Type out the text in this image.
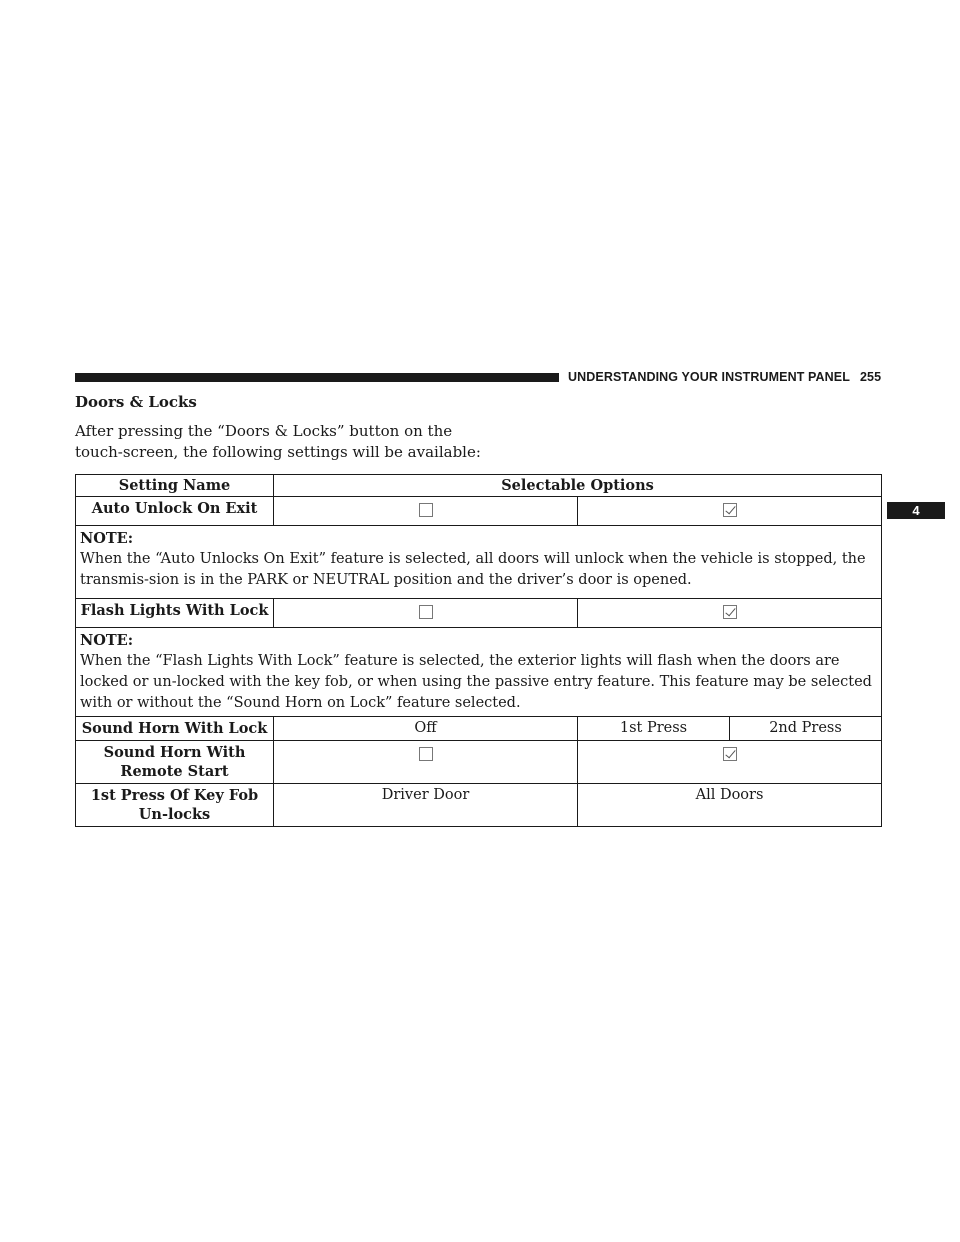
UNDERSTANDING YOUR INSTRUMENT PANEL 255
4
Doors & Locks
After pressing the “Doors & Locks” button on the touch-screen, the following settings will be available:
Setting Name	Selectable Options		
Auto Unlock On Exit			

NOTE:
When the “Auto Unlocks On Exit” feature is selected, all doors will unlock when the vehicle is stopped, the transmis-sion is in the PARK or NEUTRAL position and the driver’s door is opened.			
Flash Lights With Lock			

NOTE:
When the “Flash Lights With Lock” feature is selected, the exterior lights will flash when the doors are locked or un-locked with the key fob, or when using the passive entry feature. This feature may be selected with or without the “Sound Horn on Lock” feature selected.			
Sound Horn With Lock	Off	1st Press	2nd Press
Sound Horn With Remote Start			
1st Press Of Key Fob Un-locks	Driver Door	All Doors	
